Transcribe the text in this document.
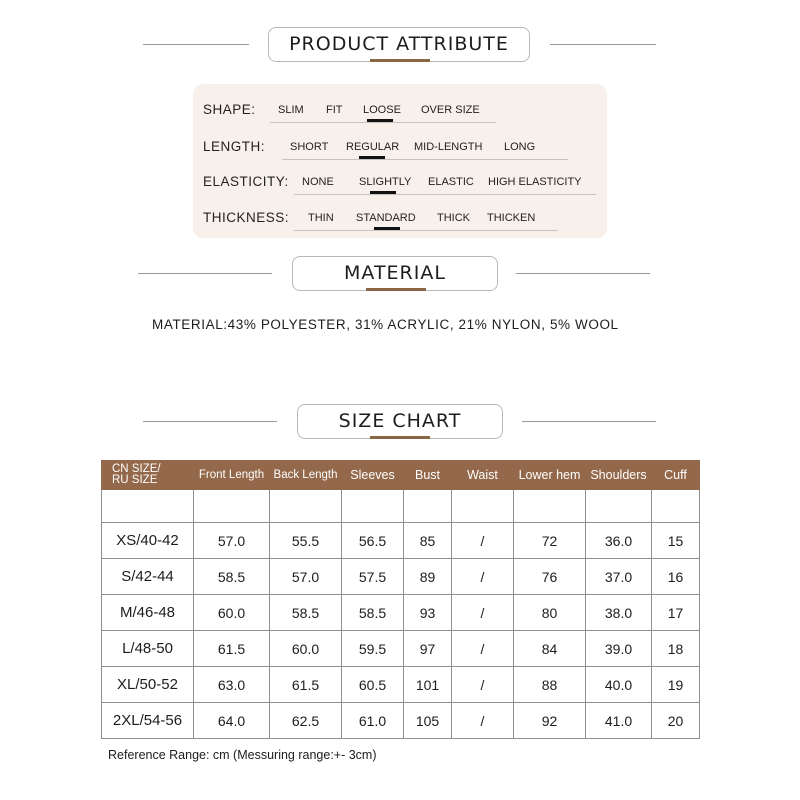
PRODUCT ATTRIBUTE
SHAPE: SLIM FIT LOOSE OVER SIZE
LENGTH: SHORT REGULAR MID-LENGTH LONG
ELASTICITY: NONE SLIGHTLY ELASTIC HIGH ELASTICITY
THICKNESS: THIN STANDARD THICK THICKEN
MATERIAL
MATERIAL:43% POLYESTER, 31% ACRYLIC, 21% NYLON, 5% WOOL
SIZE CHART
CN SIZE/
RU SIZE	Front Length	Back Length	Sleeves	Bust	Waist	Lower hem	Shoulders	Cuff

XS/40-42	57.0	55.5	56.5	85	/	72	36.0	15
S/42-44	58.5	57.0	57.5	89	/	76	37.0	16
M/46-48	60.0	58.5	58.5	93	/	80	38.0	17
L/48-50	61.5	60.0	59.5	97	/	84	39.0	18
XL/50-52	63.0	61.5	60.5	101	/	88	40.0	19
2XL/54-56	64.0	62.5	61.0	105	/	92	41.0	20
Reference Range: cm (Messuring range:+- 3cm)
